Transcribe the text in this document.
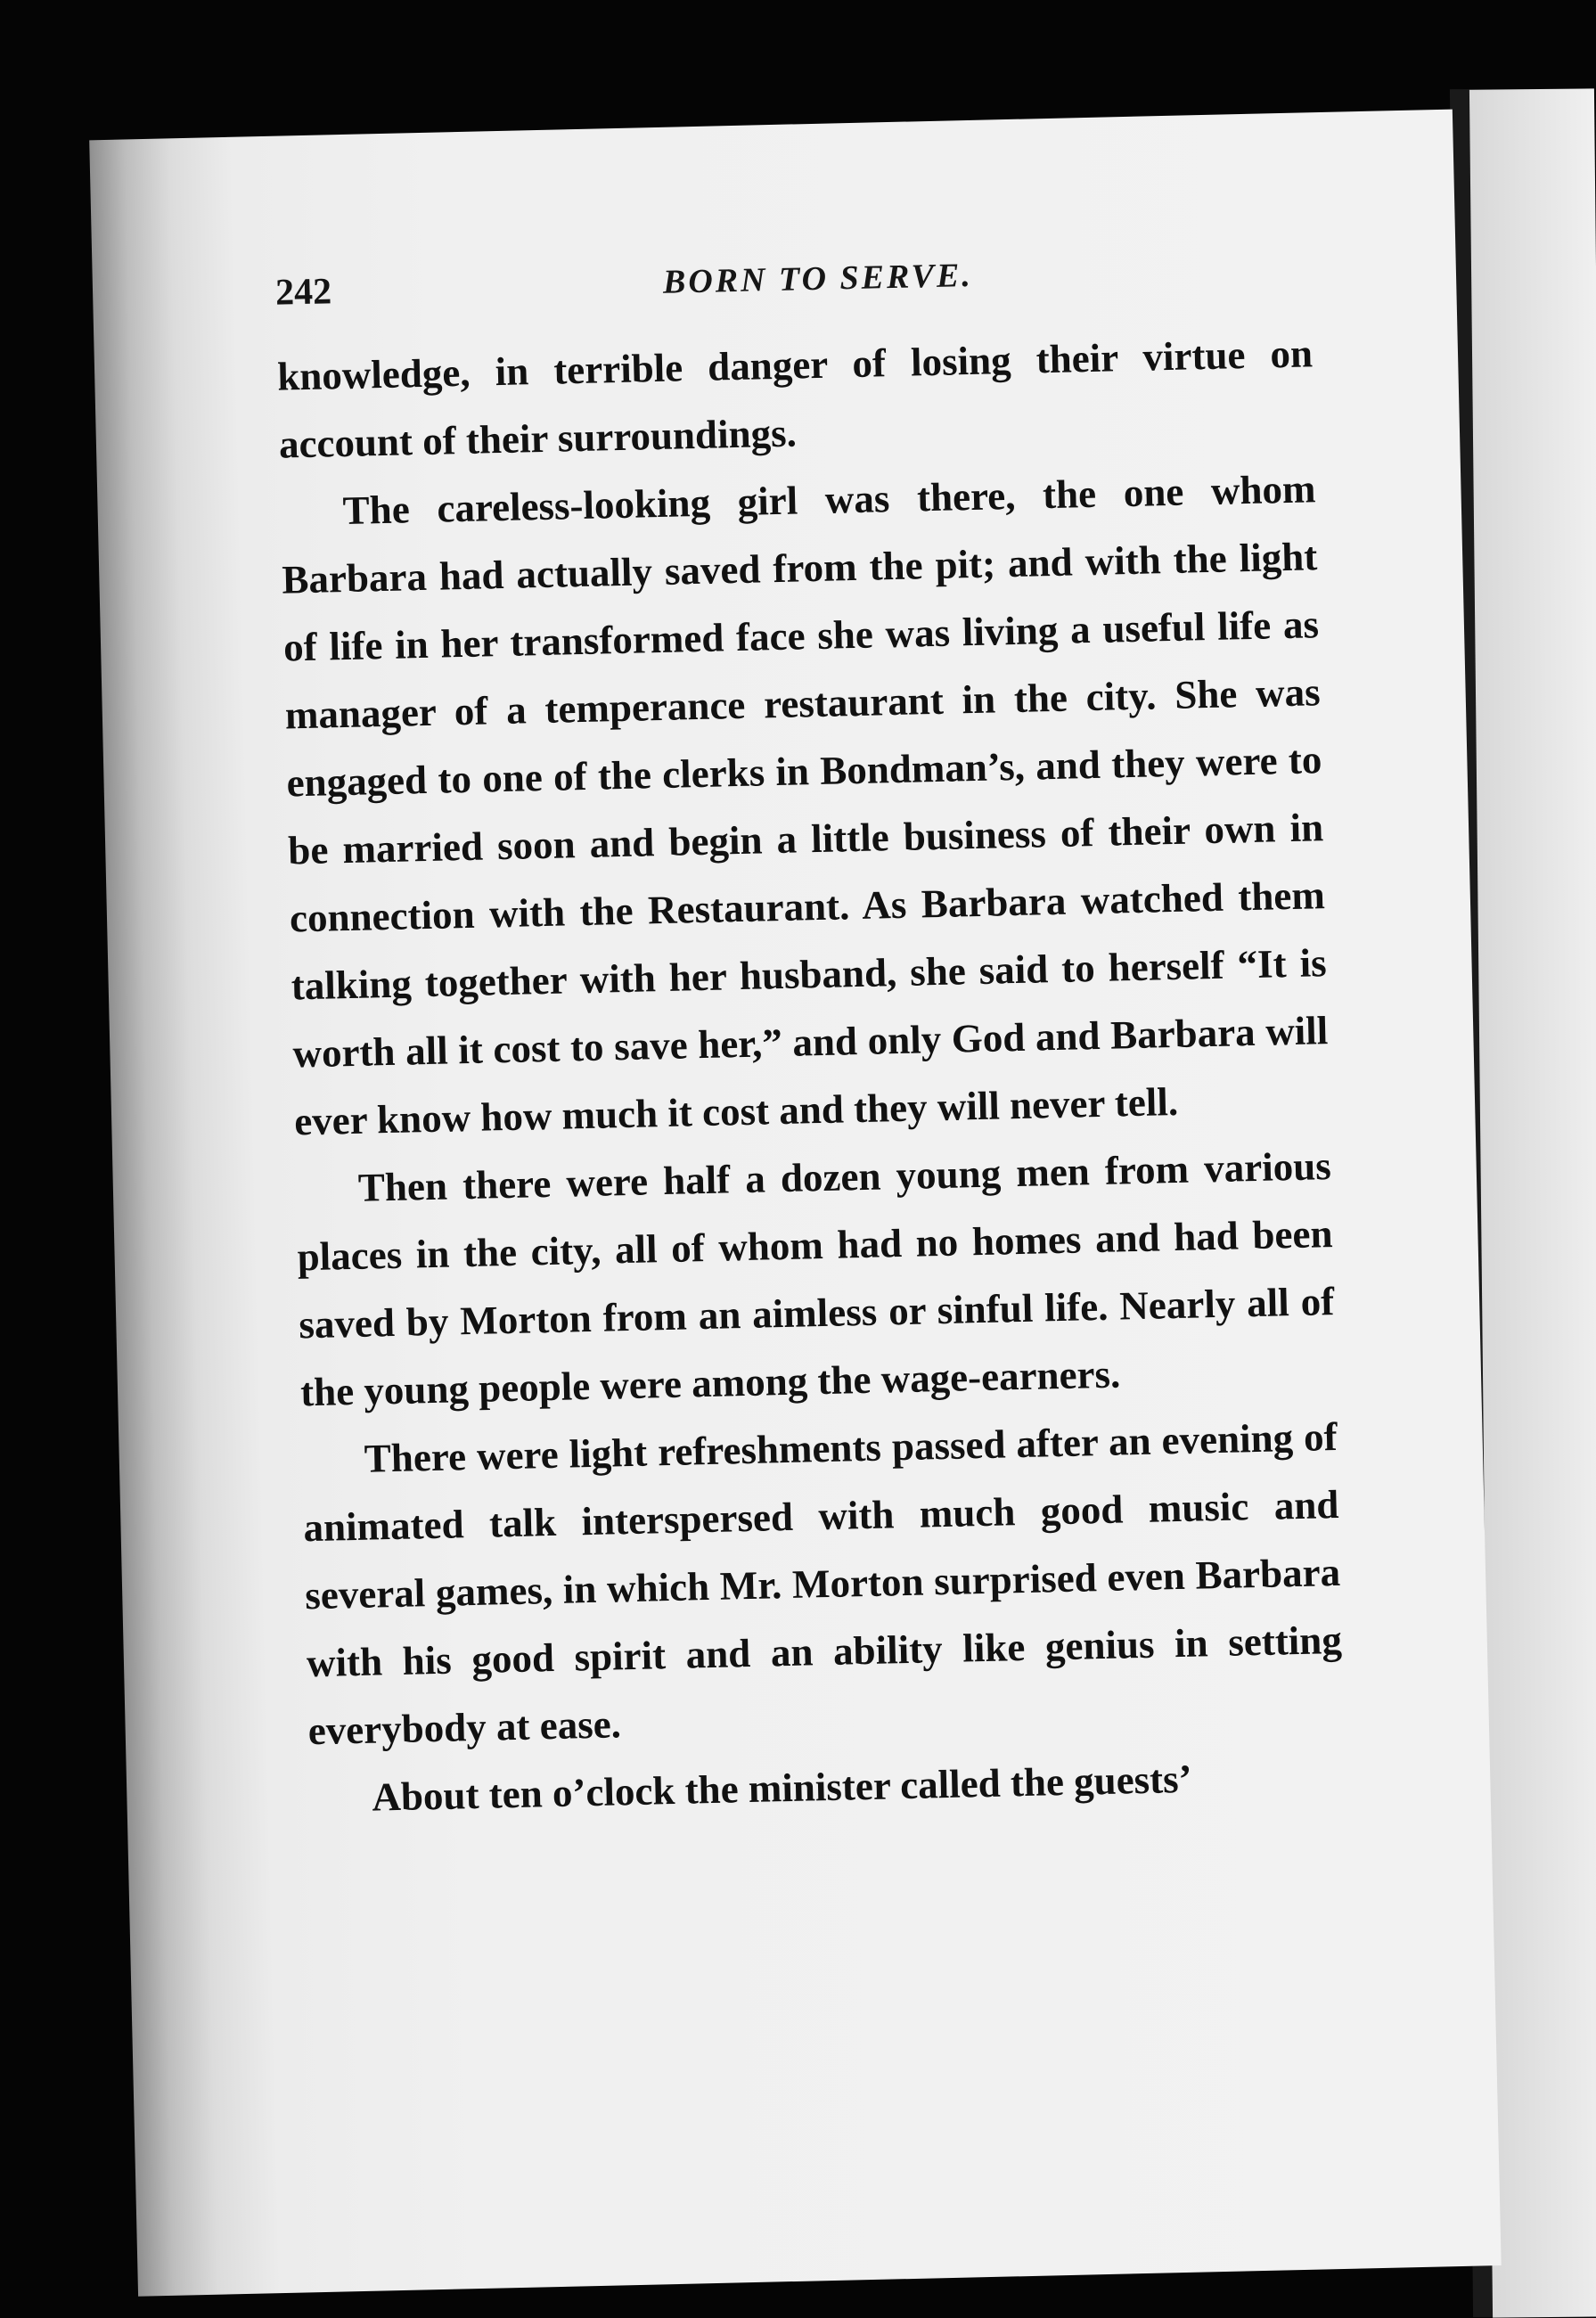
242	BORN TO SERVE.

knowledge, in terrible danger of losing their virtue on account of their surroundings.

The careless-looking girl was there, the one whom Barbara had actually saved from the pit; and with the light of life in her transformed face she was living a useful life as manager of a temperance restaurant in the city. She was engaged to one of the clerks in Bondman’s, and they were to be married soon and begin a little business of their own in connection with the Restaurant. As Barbara watched them talking together with her husband, she said to herself “It is worth all it cost to save her,” and only God and Barbara will ever know how much it cost and they will never tell.

Then there were half a dozen young men from various places in the city, all of whom had no homes and had been saved by Morton from an aimless or sinful life. Nearly all of the young people were among the wage-earners.

There were light refreshments passed after an evening of animated talk interspersed with much good music and several games, in which Mr. Morton surprised even Barbara with his good spirit and an ability like genius in setting everybody at ease.

About ten o’clock the minister called the guests’
